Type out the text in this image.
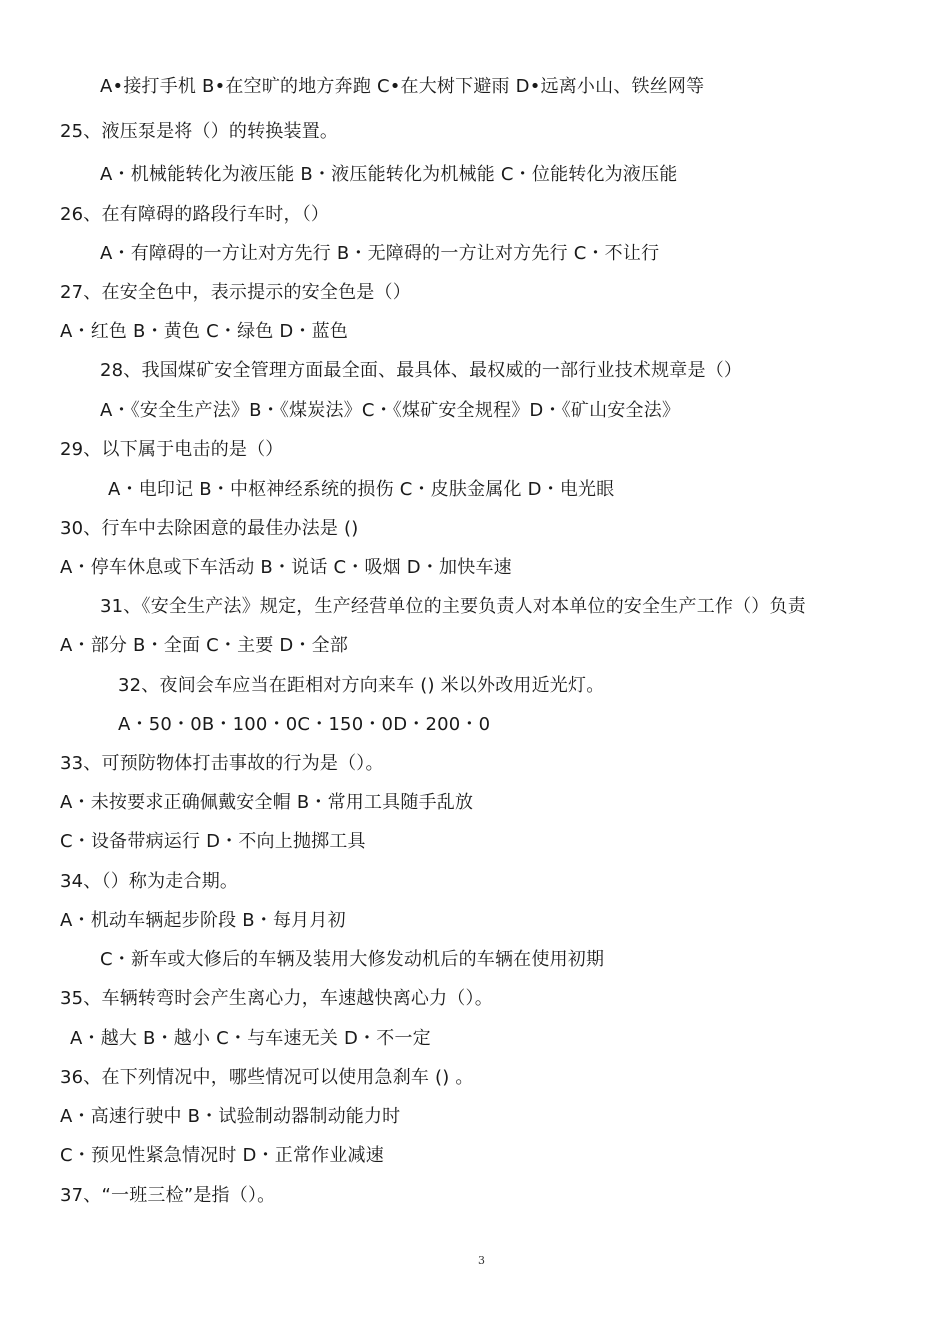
A•接打手机 B•在空旷的地方奔跑 C•在大树下避雨 D•远离小山、铁丝网等
25、液压泵是将（）的转换装置。
A・机械能转化为液压能 B・液压能转化为机械能 C・位能转化为液压能
26、在有障碍的路段行车时，（）
A・有障碍的一方让对方先行 B・无障碍的一方让对方先行 C・不让行
27、在安全色中，表示提示的安全色是（）
A・红色 B・黄色 C・绿色 D・蓝色
28、我国煤矿安全管理方面最全面、最具体、最权威的一部行业技术规章是（）
A・《安全生产法》B・《煤炭法》C・《煤矿安全规程》D・《矿山安全法》
29、以下属于电击的是（）
A・电印记 B・中枢神经系统的损伤 C・皮肤金属化 D・电光眼
30、行车中去除困意的最佳办法是 ()
A・停车休息或下车活动 B・说话 C・吸烟 D・加快车速
31、《安全生产法》规定，生产经营单位的主要负责人对本单位的安全生产工作（）负责
A・部分 B・全面 C・主要 D・全部
32、夜间会车应当在距相对方向来车 () 米以外改用近光灯。
A・50・0B・100・0C・150・0D・200・0
33、可预防物体打击事故的行为是（）。
A・未按要求正确佩戴安全帽 B・常用工具随手乱放
C・设备带病运行 D・不向上抛掷工具
34、（）称为走合期。
A・机动车辆起步阶段 B・每月月初
C・新车或大修后的车辆及装用大修发动机后的车辆在使用初期
35、车辆转弯时会产生离心力，车速越快离心力（）。
A・越大 B・越小 C・与车速无关 D・不一定
36、在下列情况中，哪些情况可以使用急刹车 () 。
A・高速行驶中 B・试验制动器制动能力时
C・预见性紧急情况时 D・正常作业减速
37、“一班三检”是指（）。
3
